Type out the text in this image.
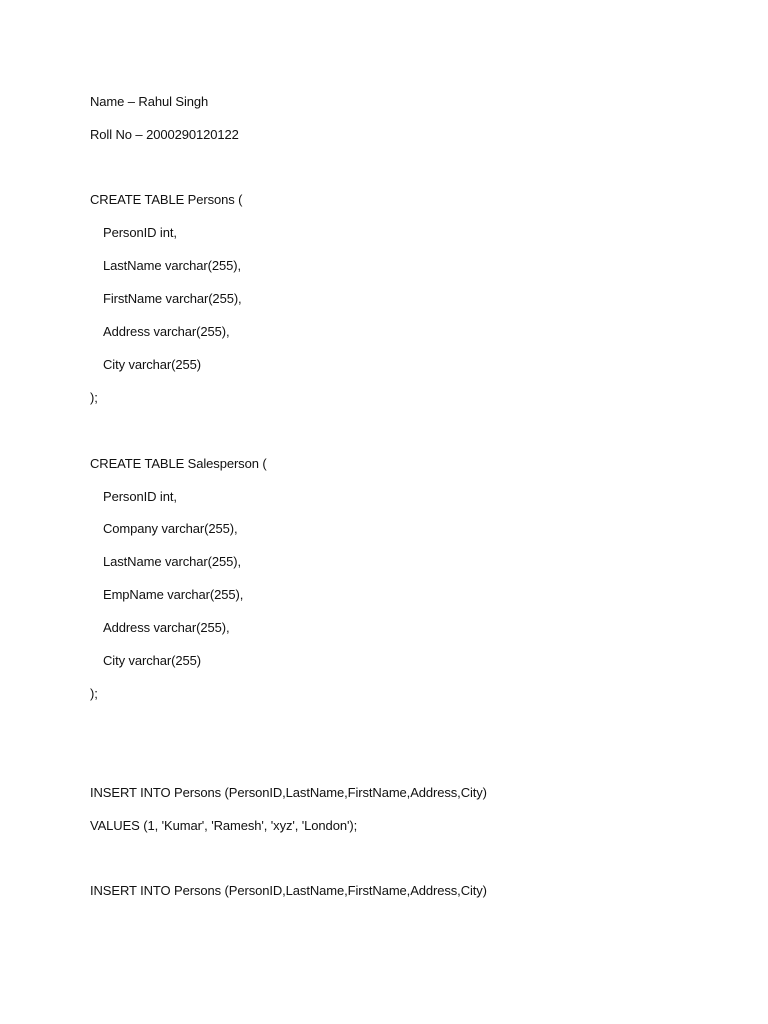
Name – Rahul Singh
Roll No – 2000290120122
CREATE TABLE Persons (
PersonID int,
LastName varchar(255),
FirstName varchar(255),
Address varchar(255),
City varchar(255)
);
CREATE TABLE Salesperson (
PersonID int,
Company varchar(255),
LastName varchar(255),
EmpName varchar(255),
Address varchar(255),
City varchar(255)
);
INSERT INTO Persons (PersonID,LastName,FirstName,Address,City)
VALUES (1, 'Kumar', 'Ramesh', 'xyz', 'London');
INSERT INTO Persons (PersonID,LastName,FirstName,Address,City)
